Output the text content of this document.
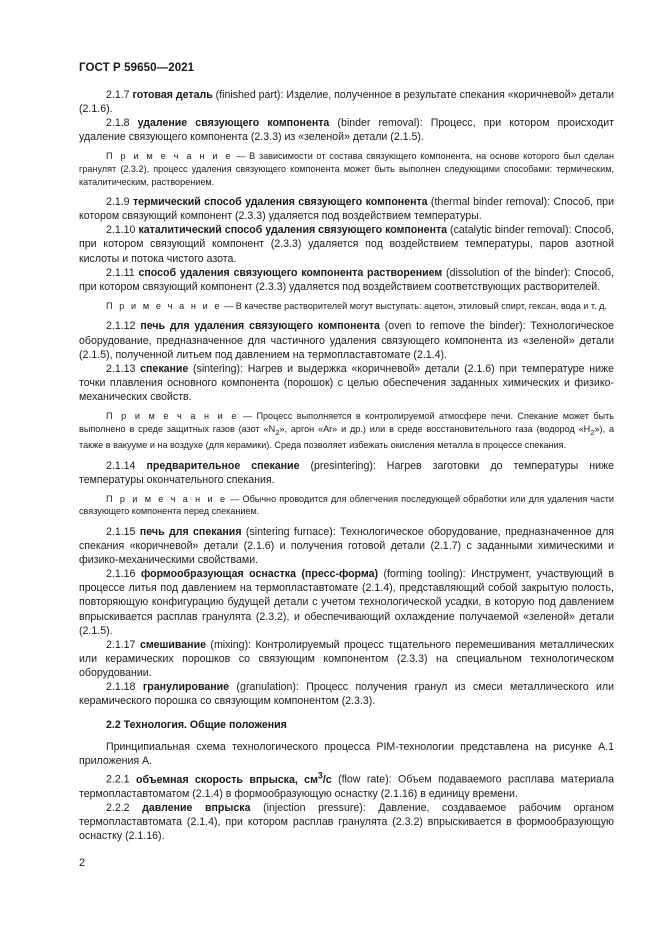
ГОСТ Р 59650—2021

2.1.7 готовая деталь (finished part): Изделие, полученное в результате спекания «коричневой» детали (2.1.6).

2.1.8 удаление связующего компонента (binder removal): Процесс, при котором происходит удаление связующего компонента (2.3.3) из «зеленой» детали (2.1.5).

П р и м е ч а н и е — В зависимости от состава связующего компонента, на основе которого был сделан гранулят (2.3.2), процесс удаления связующего компонента может быть выполнен следующими способами: термическим, каталитическим, растворением.

2.1.9 термический способ удаления связующего компонента (thermal binder removal): Способ, при котором связующий компонент (2.3.3) удаляется под воздействием температуры.

2.1.10 каталитический способ удаления связующего компонента (catalytic binder removal): Способ, при котором связующий компонент (2.3.3) удаляется под воздействием температуры, паров азотной кислоты и потока чистого азота.

2.1.11 способ удаления связующего компонента растворением (dissolution of the binder): Способ, при котором связующий компонент (2.3.3) удаляется под воздействием соответствующих растворителей.

П р и м е ч а н и е — В качестве растворителей могут выступать: ацетон, этиловый спирт, гексан, вода и т. д.

2.1.12 печь для удаления связующего компонента (oven to remove the binder): Технологическое оборудование, предназначенное для частичного удаления связующего компонента из «зеленой» детали (2.1.5), полученной литьем под давлением на термопластавтомате (2.1.4).

2.1.13 спекание (sintering): Нагрев и выдержка «коричневой» детали (2.1.6) при температуре ниже точки плавления основного компонента (порошок) с целью обеспечения заданных химических и физико-механических свойств.

П р и м е ч а н и е — Процесс выполняется в контролируемой атмосфере печи. Спекание может быть выполнено в среде защитных газов (азот «$N_2$», аргон «Ar» и др.) или в среде восстановительного газа (водород «$H_2$»), а также в вакууме и на воздухе (для керамики). Среда позволяет избежать окисления металла в процессе спекания.

2.1.14 предварительное спекание (presintering): Нагрев заготовки до температуры ниже температуры окончательного спекания.

П р и м е ч а н и е — Обычно проводится для облегчения последующей обработки или для удаления части связующего компонента перед спеканием.

2.1.15 печь для спекания (sintering furnace): Технологическое оборудование, предназначенное для спекания «коричневой» детали (2.1.6) и получения готовой детали (2.1.7) с заданными химическими и физико-механическими свойствами.

2.1.16 формообразующая оснастка (пресс-форма) (forming tooling): Инструмент, участвующий в процессе литья под давлением на термопластавтомате (2.1.4), представляющий собой закрытую полость, повторяющую конфигурацию будущей детали с учетом технологической усадки, в которую под давлением впрыскивается расплав гранулята (2.3.2), и обеспечивающий охлаждение получаемой «зеленой» детали (2.1.5).

2.1.17 смешивание (mixing): Контролируемый процесс тщательного перемешивания металлических или керамических порошков со связующим компонентом (2.3.3) на специальном технологическом оборудовании.

2.1.18 гранулирование (granulation): Процесс получения гранул из смеси металлического или керамического порошка со связующим компонентом (2.3.3).

2.2 Технология. Общие положения

Принципиальная схема технологического процесса PIM-технологии представлена на рисунке А.1 приложения А.

2.2.1 объемная скорость впрыска, $см^3/с$ (flow rate): Объем подаваемого расплава материала термопластавтоматом (2.1.4) в формообразующую оснастку (2.1.16) в единицу времени.

2.2.2 давление впрыска (injection pressure): Давление, создаваемое рабочим органом термопластавтомата (2.1.4), при котором расплав гранулята (2.3.2) впрыскивается в формообразующую оснастку (2.1.16).

2
